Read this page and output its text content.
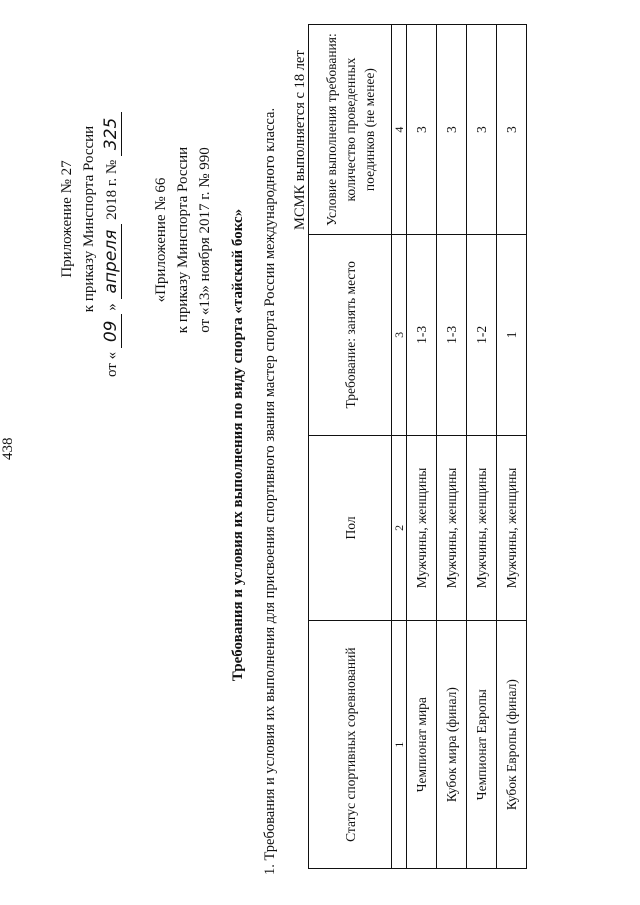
438
Приложение № 27 к приказу Минспорта России
от « 09 » апреля 2018 г. № 325
«Приложение № 66 к приказу Минспорта России от «13» ноября 2017 г. № 990 Требования и условия их выполнения по виду спорта «тайский бокс» 1. Требования и условия их выполнения для присвоения спортивного звания мастер спорта России международного класса. МСМК выполняется с 18 лет
Статус спортивных соревнований	Пол	Требование: занять место	Условие выполнения требования: количество проведенных поединков (не менее)
1	2	3	4
Чемпионат мира	Мужчины, женщины	1-3	3
Кубок мира (финал)	Мужчины, женщины	1-3	3
Чемпионат Европы	Мужчины, женщины	1-2	3
Кубок Европы (финал)	Мужчины, женщины	1	3
